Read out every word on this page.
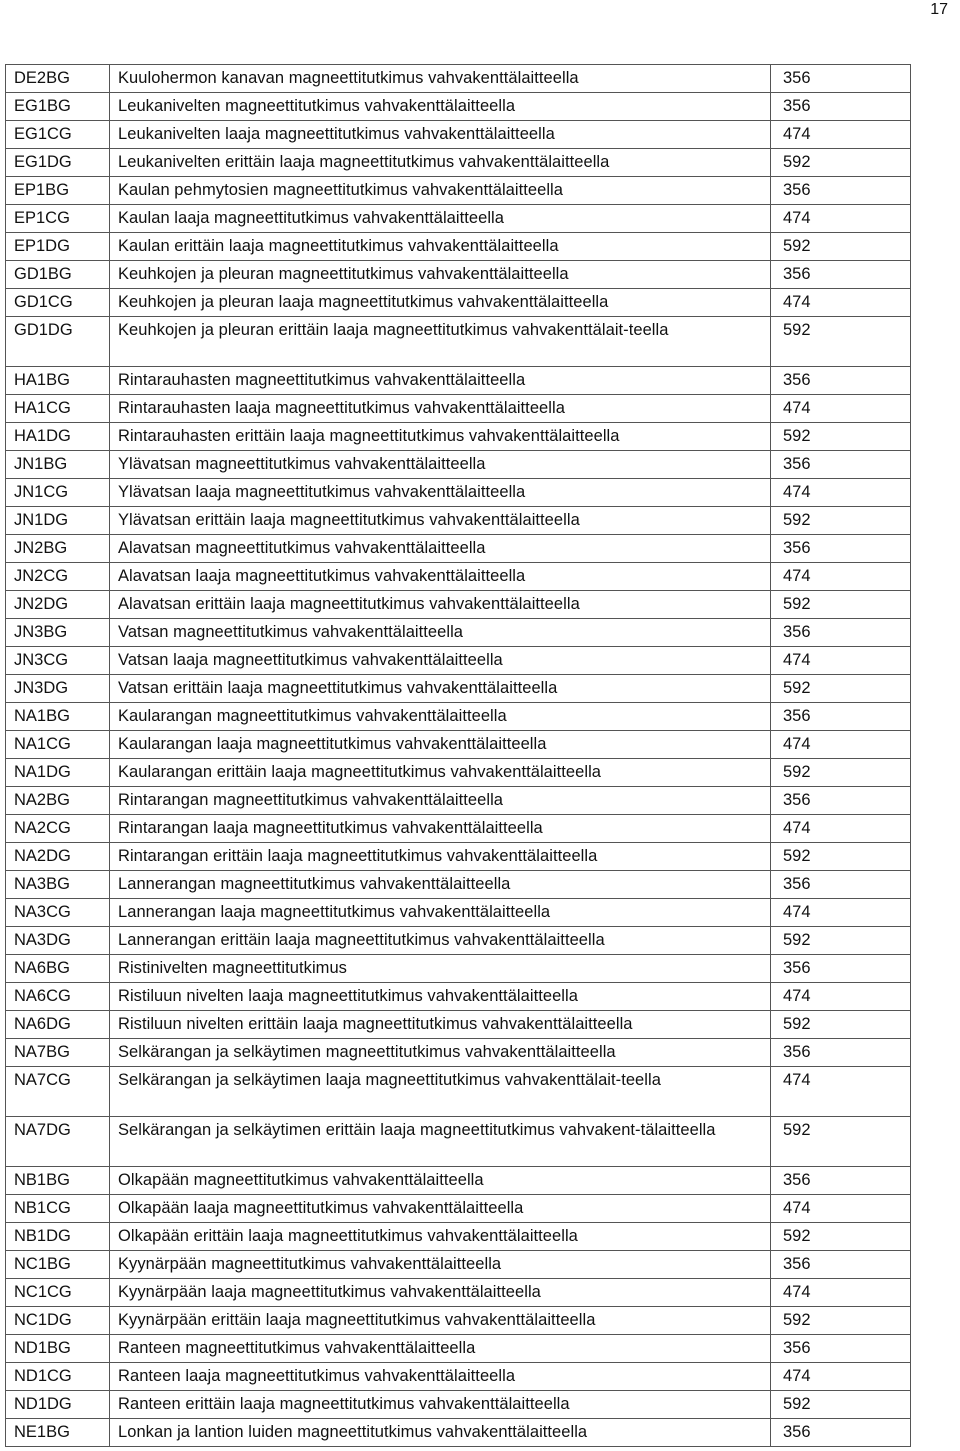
17
DE2BG	Kuulohermon kanavan magneettitutkimus vahvakenttälaitteella	356
EG1BG	Leukanivelten magneettitutkimus vahvakenttälaitteella	356
EG1CG	Leukanivelten laaja magneettitutkimus vahvakenttälaitteella	474
EG1DG	Leukanivelten erittäin laaja magneettitutkimus vahvakenttälaitteella	592
EP1BG	Kaulan pehmytosien magneettitutkimus vahvakenttälaitteella	356
EP1CG	Kaulan laaja magneettitutkimus vahvakenttälaitteella	474
EP1DG	Kaulan erittäin laaja magneettitutkimus vahvakenttälaitteella	592
GD1BG	Keuhkojen ja pleuran magneettitutkimus vahvakenttälaitteella	356
GD1CG	Keuhkojen ja pleuran laaja magneettitutkimus vahvakenttälaitteella	474
GD1DG	Keuhkojen ja pleuran erittäin laaja magneettitutkimus vahvakenttälait-teella	592
HA1BG	Rintarauhasten magneettitutkimus vahvakenttälaitteella	356
HA1CG	Rintarauhasten laaja magneettitutkimus vahvakenttälaitteella	474
HA1DG	Rintarauhasten erittäin laaja magneettitutkimus vahvakenttälaitteella	592
JN1BG	Ylävatsan magneettitutkimus vahvakenttälaitteella	356
JN1CG	Ylävatsan laaja magneettitutkimus vahvakenttälaitteella	474
JN1DG	Ylävatsan erittäin laaja magneettitutkimus vahvakenttälaitteella	592
JN2BG	Alavatsan magneettitutkimus vahvakenttälaitteella	356
JN2CG	Alavatsan laaja magneettitutkimus vahvakenttälaitteella	474
JN2DG	Alavatsan erittäin laaja magneettitutkimus vahvakenttälaitteella	592
JN3BG	Vatsan magneettitutkimus vahvakenttälaitteella	356
JN3CG	Vatsan laaja magneettitutkimus vahvakenttälaitteella	474
JN3DG	Vatsan erittäin laaja magneettitutkimus vahvakenttälaitteella	592
NA1BG	Kaularangan magneettitutkimus vahvakenttälaitteella	356
NA1CG	Kaularangan laaja magneettitutkimus vahvakenttälaitteella	474
NA1DG	Kaularangan erittäin laaja magneettitutkimus vahvakenttälaitteella	592
NA2BG	Rintarangan magneettitutkimus vahvakenttälaitteella	356
NA2CG	Rintarangan laaja magneettitutkimus vahvakenttälaitteella	474
NA2DG	Rintarangan erittäin laaja magneettitutkimus vahvakenttälaitteella	592
NA3BG	Lannerangan magneettitutkimus vahvakenttälaitteella	356
NA3CG	Lannerangan laaja magneettitutkimus vahvakenttälaitteella	474
NA3DG	Lannerangan erittäin laaja magneettitutkimus vahvakenttälaitteella	592
NA6BG	Ristinivelten magneettitutkimus	356
NA6CG	Ristiluun nivelten laaja magneettitutkimus vahvakenttälaitteella	474
NA6DG	Ristiluun nivelten erittäin laaja magneettitutkimus vahvakenttälaitteella	592
NA7BG	Selkärangan ja selkäytimen magneettitutkimus vahvakenttälaitteella	356
NA7CG	Selkärangan ja selkäytimen laaja magneettitutkimus vahvakenttälait-teella	474
NA7DG	Selkärangan ja selkäytimen erittäin laaja magneettitutkimus vahvakent-tälaitteella	592
NB1BG	Olkapään magneettitutkimus vahvakenttälaitteella	356
NB1CG	Olkapään laaja magneettitutkimus vahvakenttälaitteella	474
NB1DG	Olkapään erittäin laaja magneettitutkimus vahvakenttälaitteella	592
NC1BG	Kyynärpään magneettitutkimus vahvakenttälaitteella	356
NC1CG	Kyynärpään laaja magneettitutkimus vahvakenttälaitteella	474
NC1DG	Kyynärpään erittäin laaja magneettitutkimus vahvakenttälaitteella	592
ND1BG	Ranteen magneettitutkimus vahvakenttälaitteella	356
ND1CG	Ranteen laaja magneettitutkimus vahvakenttälaitteella	474
ND1DG	Ranteen erittäin laaja magneettitutkimus vahvakenttälaitteella	592
NE1BG	Lonkan ja lantion luiden magneettitutkimus vahvakenttälaitteella	356
